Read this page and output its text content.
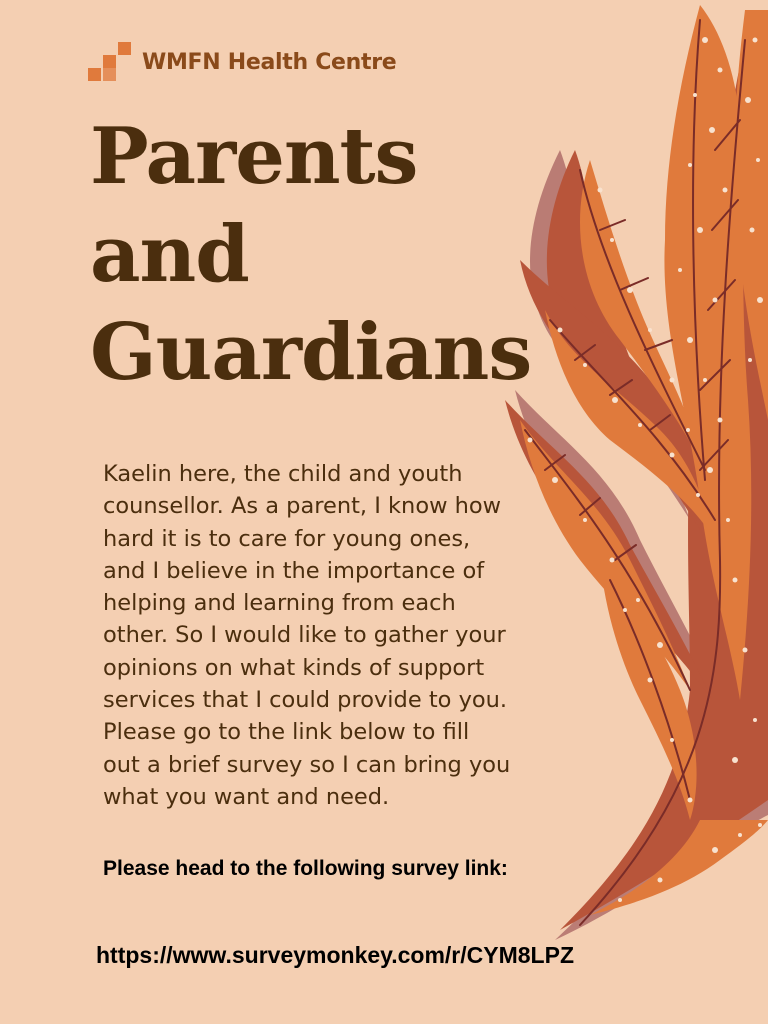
WMFN Health Centre
Parents
and
Guardians
Kaelin here, the child and youth
counsellor. As a parent, I know how
hard it is to care for young ones,
and I believe in the importance of
helping and learning from each
other. So I would like to gather your
opinions on what kinds of support
services that I could provide to you.
Please go to the link below to fill
out a brief survey so I can bring you
what you want and need.

Please head to the following survey link:

https://www.surveymonkey.com/r/CYM8LPZ
